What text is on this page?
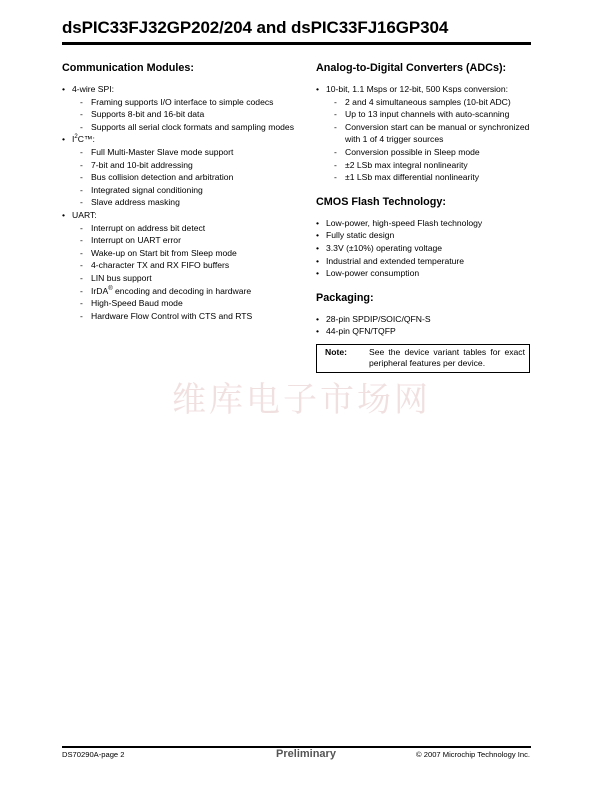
dsPIC33FJ32GP202/204 and dsPIC33FJ16GP304
Communication Modules:
• 4-wire SPI:
- Framing supports I/O interface to simple codecs
- Supports 8-bit and 16-bit data
- Supports all serial clock formats and sampling modes
• $I^2C™$:
- Full Multi-Master Slave mode support
- 7-bit and 10-bit addressing
- Bus collision detection and arbitration
- Integrated signal conditioning
- Slave address masking
• UART:
- Interrupt on address bit detect
- Interrupt on UART error
- Wake-up on Start bit from Sleep mode
- 4-character TX and RX FIFO buffers
- LIN bus support
- IrDA® encoding and decoding in hardware
- High-Speed Baud mode
- Hardware Flow Control with CTS and RTS
Analog-to-Digital Converters (ADCs):
• 10-bit, 1.1 Msps or 12-bit, 500 Ksps conversion:
- 2 and 4 simultaneous samples (10-bit ADC)
- Up to 13 input channels with auto-scanning
- Conversion start can be manual or synchronized with 1 of 4 trigger sources
- Conversion possible in Sleep mode
- ±2 LSb max integral nonlinearity
- ±1 LSb max differential nonlinearity
CMOS Flash Technology:
• Low-power, high-speed Flash technology
• Fully static design
• 3.3V (±10%) operating voltage
• Industrial and extended temperature
• Low-power consumption
Packaging:
• 28-pin SPDIP/SOIC/QFN-S
• 44-pin QFN/TQFP
Note:	See the device variant tables for exact peripheral features per device.
维库电子市场网
DS70290A-page 2	Preliminary	© 2007 Microchip Technology Inc.
